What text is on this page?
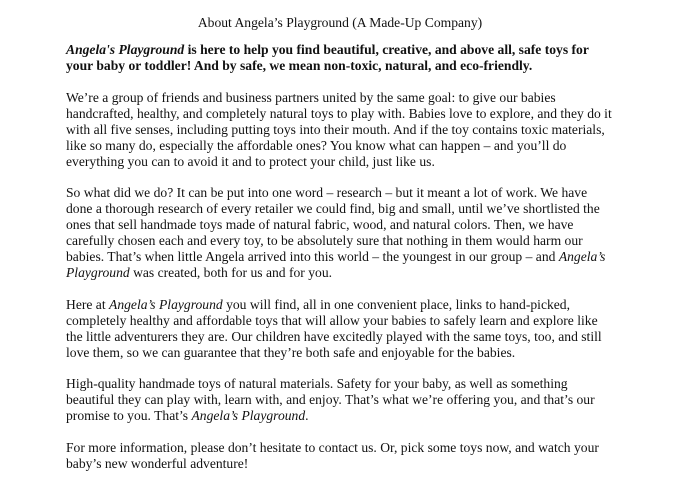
About Angela’s Playground (A Made-Up Company)

Angela's Playground is here to help you find beautiful, creative, and above all, safe toys for
your baby or toddler! And by safe, we mean non-toxic, natural, and eco-friendly.

We’re a group of friends and business partners united by the same goal: to give our babies
handcrafted, healthy, and completely natural toys to play with. Babies love to explore, and they do it
with all five senses, including putting toys into their mouth. And if the toy contains toxic materials,
like so many do, especially the affordable ones? You know what can happen – and you’ll do
everything you can to avoid it and to protect your child, just like us.

So what did we do? It can be put into one word – research – but it meant a lot of work. We have
done a thorough research of every retailer we could find, big and small, until we’ve shortlisted the
ones that sell handmade toys made of natural fabric, wood, and natural colors. Then, we have
carefully chosen each and every toy, to be absolutely sure that nothing in them would harm our
babies. That’s when little Angela arrived into this world – the youngest in our group – and Angela’s
Playground was created, both for us and for you.

Here at Angela’s Playground you will find, all in one convenient place, links to hand-picked,
completely healthy and affordable toys that will allow your babies to safely learn and explore like
the little adventurers they are. Our children have excitedly played with the same toys, too, and still
love them, so we can guarantee that they’re both safe and enjoyable for the babies.

High-quality handmade toys of natural materials. Safety for your baby, as well as something
beautiful they can play with, learn with, and enjoy. That’s what we’re offering you, and that’s our
promise to you. That’s Angela’s Playground.

For more information, please don’t hesitate to contact us. Or, pick some toys now, and watch your
baby’s new wonderful adventure!
